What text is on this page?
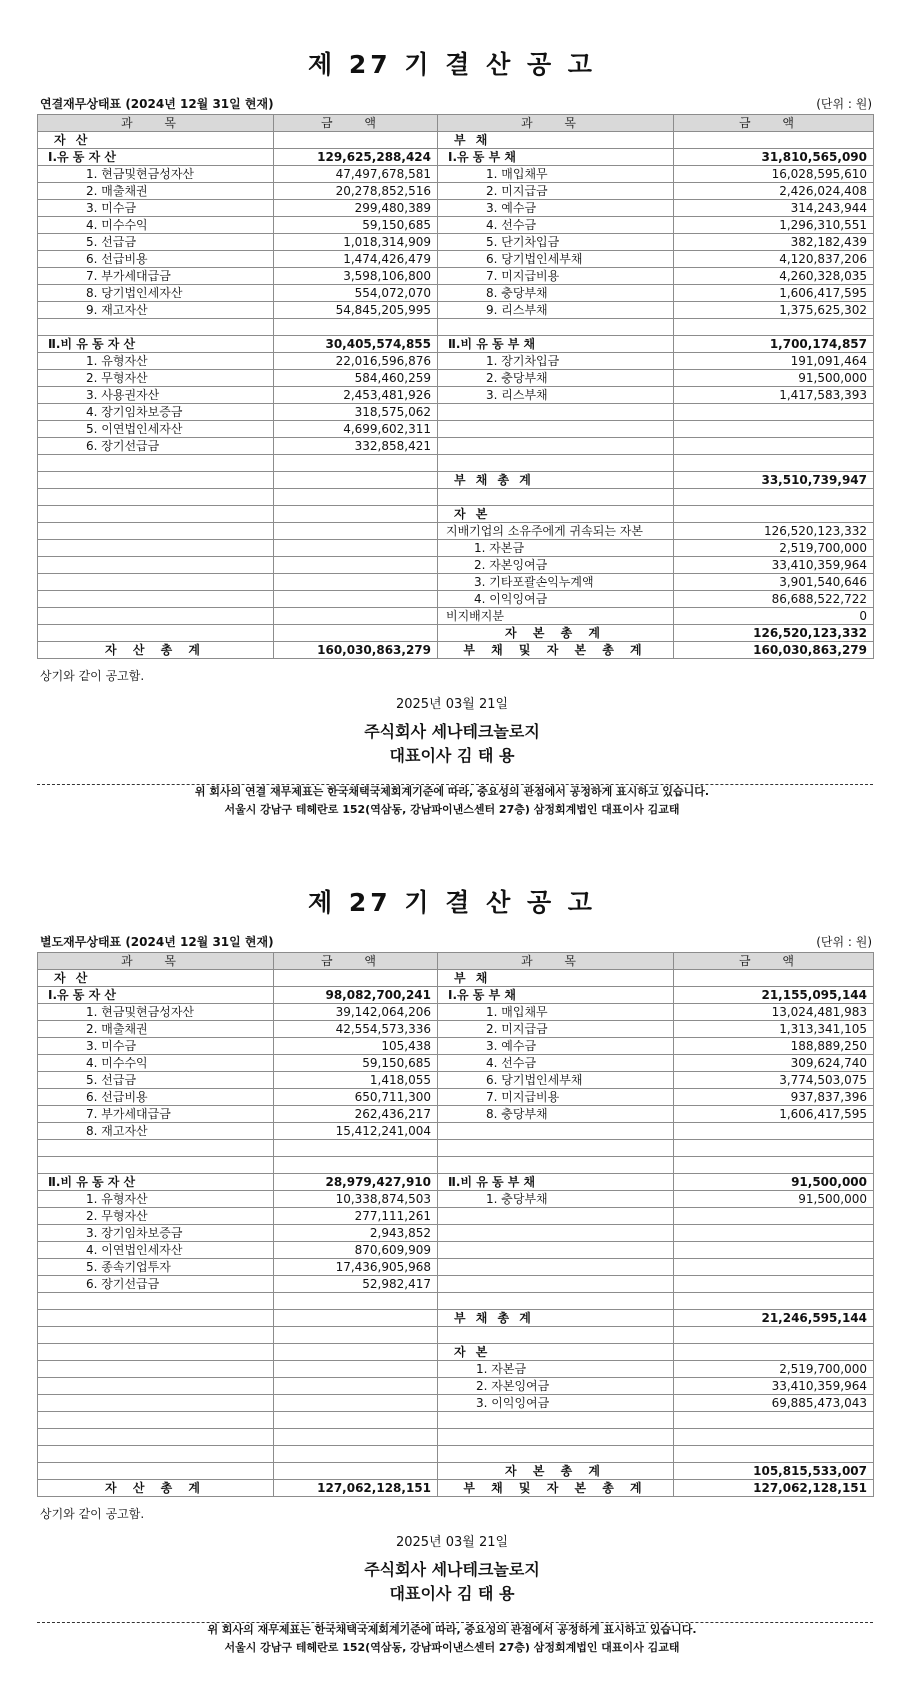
제 27 기 결 산 공 고
연결재무상태표 (2024년 12월 31일 현재)	(단위 : 원)
과 목	금 액	과 목	금 액
자 산		부 채	
Ⅰ.유 동 자 산	129,625,288,424	Ⅰ.유 동 부 채	31,810,565,090
1. 현금및현금성자산	47,497,678,581	1. 매입채무	16,028,595,610
2. 매출채권	20,278,852,516	2. 미지급금	2,426,024,408
3. 미수금	299,480,389	3. 예수금	314,243,944
4. 미수수익	59,150,685	4. 선수금	1,296,310,551
5. 선급금	1,018,314,909	5. 단기차입금	382,182,439
6. 선급비용	1,474,426,479	6. 당기법인세부채	4,120,837,206
7. 부가세대급금	3,598,106,800	7. 미지급비용	4,260,328,035
8. 당기법인세자산	554,072,070	8. 충당부채	1,606,417,595
9. 재고자산	54,845,205,995	9. 리스부채	1,375,625,302

Ⅱ.비 유 동 자 산	30,405,574,855	Ⅱ.비 유 동 부 채	1,700,174,857
1. 유형자산	22,016,596,876	1. 장기차입금	191,091,464
2. 무형자산	584,460,259	2. 충당부채	91,500,000
3. 사용권자산	2,453,481,926	3. 리스부채	1,417,583,393
4. 장기임차보증금	318,575,062		
5. 이연법인세자산	4,699,602,311		
6. 장기선급금	332,858,421		

		부 채 총 계	33,510,739,947

		자 본	
		지배기업의 소유주에게 귀속되는 자본	126,520,123,332
		1. 자본금	2,519,700,000
		2. 자본잉여금	33,410,359,964
		3. 기타포괄손익누계액	3,901,540,646
		4. 이익잉여금	86,688,522,722
		비지배지분	0
		자 본 총 계	126,520,123,332
자 산 총 계	160,030,863,279	부 채 및 자 본 총 계	160,030,863,279
상기와 같이 공고함.
2025년 03월 21일
주식회사 세나테크놀로지
대표이사 김 태 용
위 회사의 연결 재무제표는 한국채택국제회계기준에 따라, 중요성의 관점에서 공정하게 표시하고 있습니다.
서울시 강남구 테헤란로 152(역삼동, 강남파이낸스센터 27층) 삼정회계법인 대표이사 김교태
제 27 기 결 산 공 고
별도재무상태표 (2024년 12월 31일 현재)	(단위 : 원)
과 목	금 액	과 목	금 액
자 산		부 채	
Ⅰ.유 동 자 산	98,082,700,241	Ⅰ.유 동 부 채	21,155,095,144
1. 현금및현금성자산	39,142,064,206	1. 매입채무	13,024,481,983
2. 매출채권	42,554,573,336	2. 미지급금	1,313,341,105
3. 미수금	105,438	3. 예수금	188,889,250
4. 미수수익	59,150,685	4. 선수금	309,624,740
5. 선급금	1,418,055	6. 당기법인세부채	3,774,503,075
6. 선급비용	650,711,300	7. 미지급비용	937,837,396
7. 부가세대급금	262,436,217	8. 충당부채	1,606,417,595
8. 재고자산	15,412,241,004		

Ⅱ.비 유 동 자 산	28,979,427,910	Ⅱ.비 유 동 부 채	91,500,000
1. 유형자산	10,338,874,503	1. 충당부채	91,500,000
2. 무형자산	277,111,261		
3. 장기임차보증금	2,943,852		
4. 이연법인세자산	870,609,909		
5. 종속기업투자	17,436,905,968		
6. 장기선급금	52,982,417		

		부 채 총 계	21,246,595,144

		자 본	
		1. 자본금	2,519,700,000
		2. 자본잉여금	33,410,359,964
		3. 이익잉여금	69,885,473,043

		자 본 총 계	105,815,533,007
자 산 총 계	127,062,128,151	부 채 및 자 본 총 계	127,062,128,151
상기와 같이 공고함.
2025년 03월 21일
주식회사 세나테크놀로지
대표이사 김 태 용
위 회사의 재무제표는 한국채택국제회계기준에 따라, 중요성의 관점에서 공정하게 표시하고 있습니다.
서울시 강남구 테헤란로 152(역삼동, 강남파이낸스센터 27층) 삼정회계법인 대표이사 김교태
